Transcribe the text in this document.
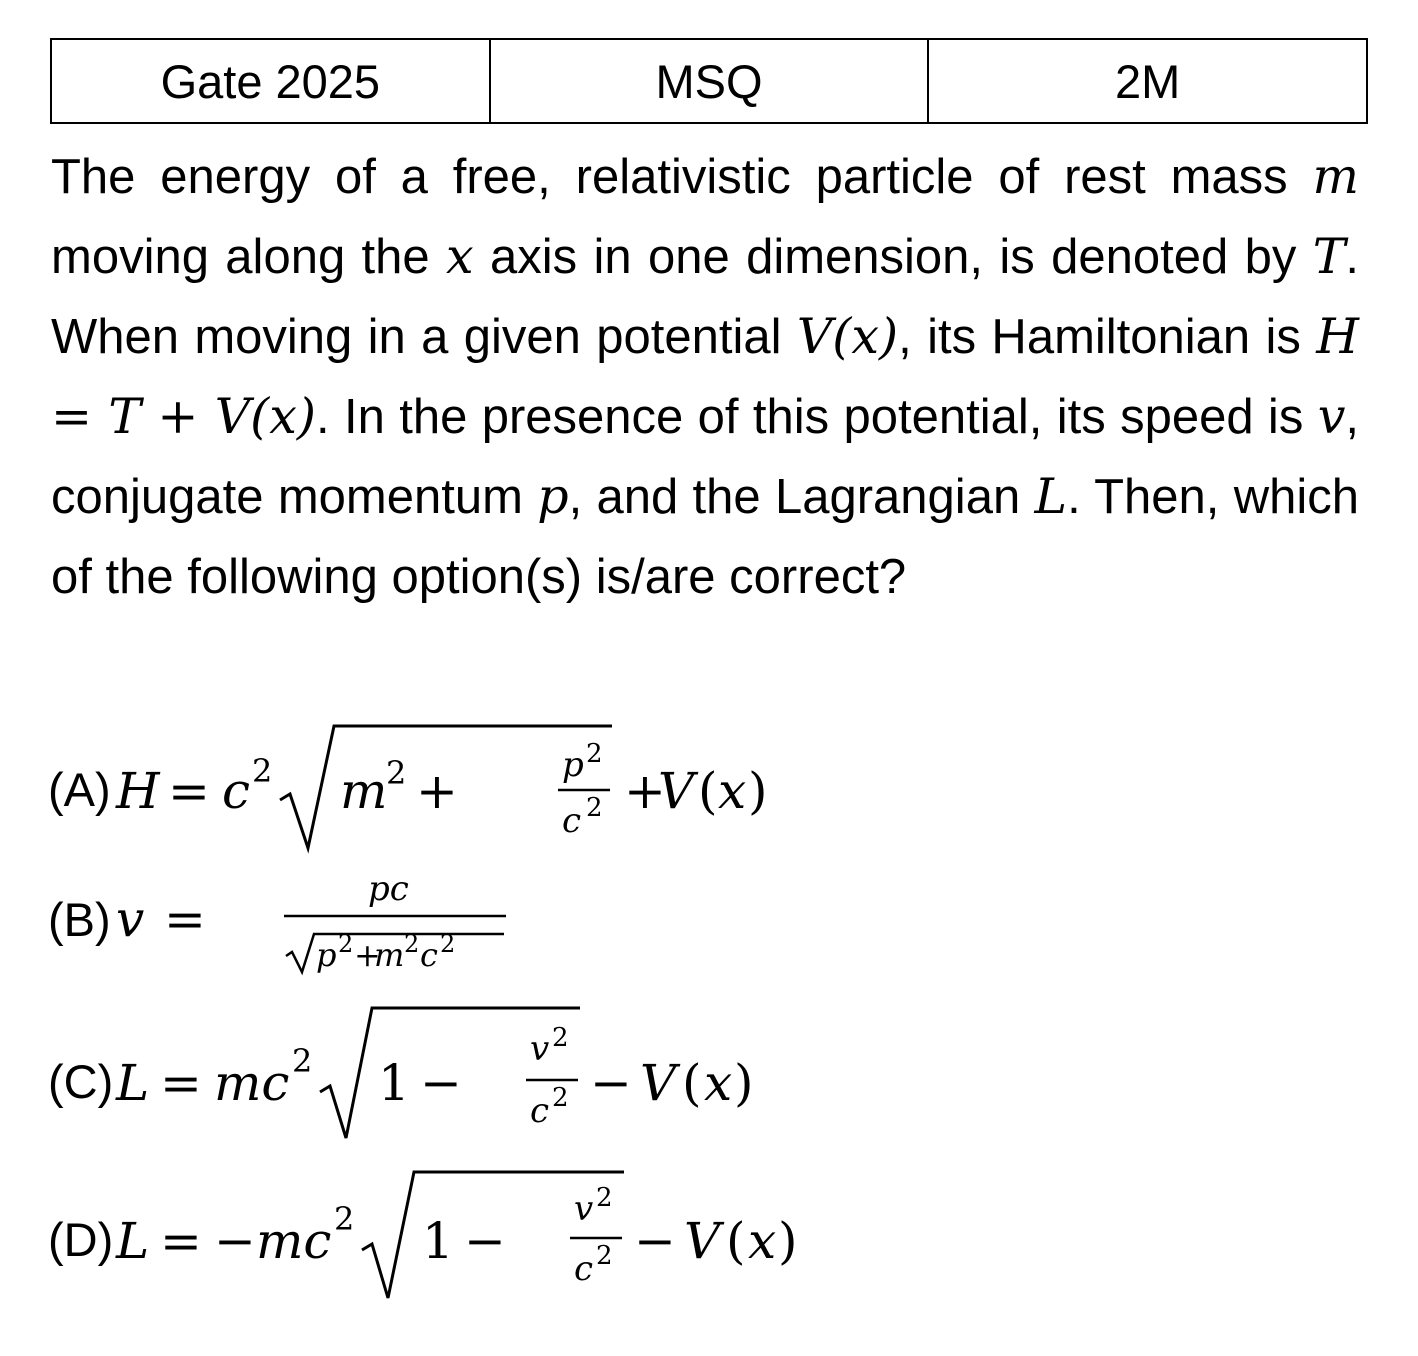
Gate 2025	MSQ	2M

The energy of a free, relativistic particle of rest mass m moving along the x axis in one dimension, is denoted by T. When moving in a given potential V(x), its Hamiltonian is H = T + V(x). In the presence of this potential, its speed is v, conjugate momentum p, and the Lagrangian L. Then, which of the following option(s) is/are correct?

(A) H = c 2 m
2 +	p 2
c 2 +
V ( x )
(B) v =
pc
p 2 +
m 2 c 2
(C) L = mc 2 1 −
v 2
c 2 − V ( x )
(D) L = − mc 2 1 −
v 2
c 2 − V ( x )
